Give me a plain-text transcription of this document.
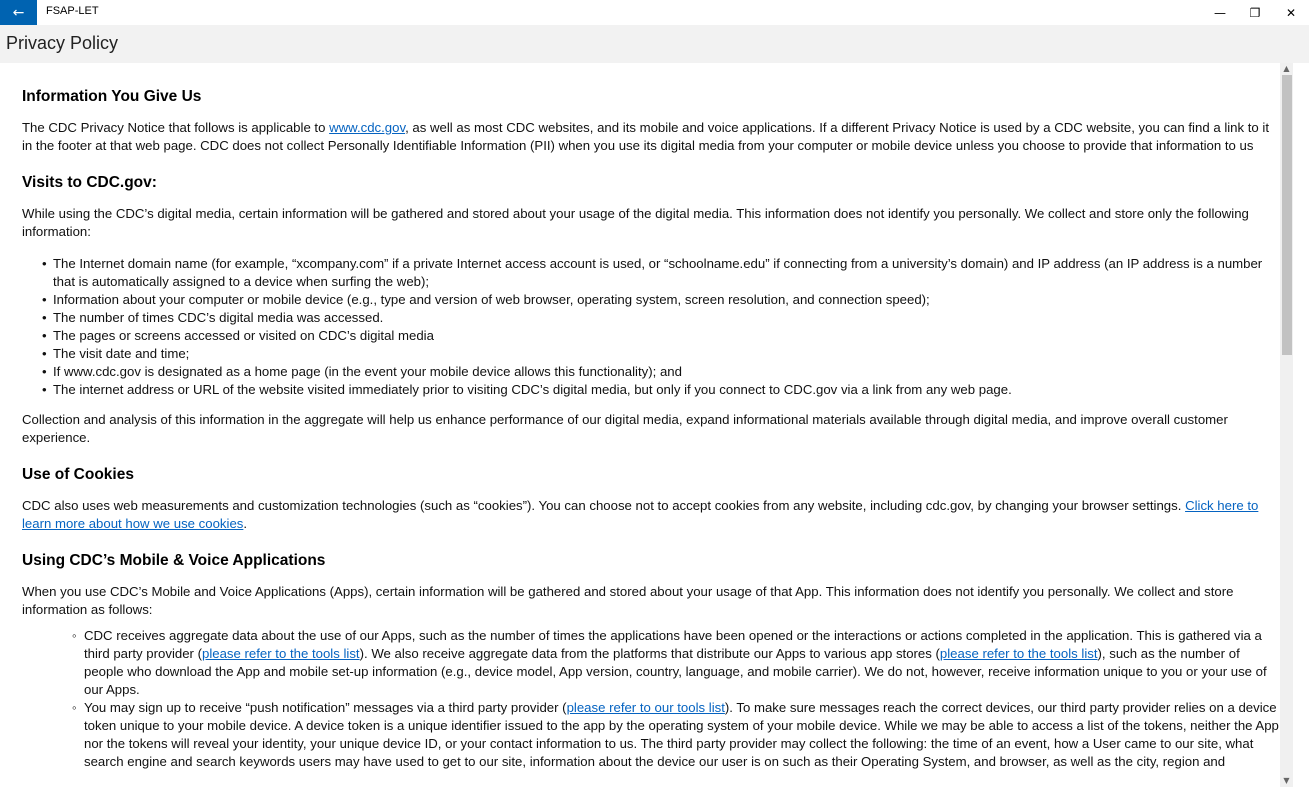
← FSAP-LET	— ❐ ✕
Privacy Policy
Information You Give Us

The CDC Privacy Notice that follows is applicable to www.cdc.gov, as well as most CDC websites, and its mobile and voice applications. If a different Privacy Notice is used by a CDC website, you can find a link to it in the footer at that web page. CDC does not collect Personally Identifiable Information (PII) when you use its digital media from your computer or mobile device unless you choose to provide that information to us

Visits to CDC.gov:

While using the CDC’s digital media, certain information will be gathered and stored about your usage of the digital media. This information does not identify you personally. We collect and store only the following information:

• The Internet domain name (for example, “xcompany.com” if a private Internet access account is used, or “schoolname.edu” if connecting from a university’s domain) and IP address (an IP address is a number that is automatically assigned to a device when surfing the web);
• Information about your computer or mobile device (e.g., type and version of web browser, operating system, screen resolution, and connection speed);
• The number of times CDC’s digital media was accessed.
• The pages or screens accessed or visited on CDC’s digital media
• The visit date and time;
• If www.cdc.gov is designated as a home page (in the event your mobile device allows this functionality); and
• The internet address or URL of the website visited immediately prior to visiting CDC’s digital media, but only if you connect to CDC.gov via a link from any web page.

Collection and analysis of this information in the aggregate will help us enhance performance of our digital media, expand informational materials available through digital media, and improve overall customer experience.

Use of Cookies

CDC also uses web measurements and customization technologies (such as “cookies”). You can choose not to accept cookies from any website, including cdc.gov, by changing your browser settings. Click here to learn more about how we use cookies.

Using CDC’s Mobile & Voice Applications

When you use CDC’s Mobile and Voice Applications (Apps), certain information will be gathered and stored about your usage of that App. This information does not identify you personally. We collect and store information as follows:

◦ CDC receives aggregate data about the use of our Apps, such as the number of times the applications have been opened or the interactions or actions completed in the application. This is gathered via a third party provider (please refer to the tools list). We also receive aggregate data from the platforms that distribute our Apps to various app stores (please refer to the tools list), such as the number of people who download the App and mobile set-up information (e.g., device model, App version, country, language, and mobile carrier). We do not, however, receive information unique to you or your use of our Apps.
◦ You may sign up to receive “push notification” messages via a third party provider (please refer to our tools list). To make sure messages reach the correct devices, our third party provider relies on a device token unique to your mobile device. A device token is a unique identifier issued to the app by the operating system of your mobile device. While we may be able to access a list of the tokens, neither the App nor the tokens will reveal your identity, your unique device ID, or your contact information to us. The third party provider may collect the following: the time of an event, how a User came to our site, what search engine and search keywords users may have used to get to our site, information about the device our user is on such as their Operating System, and browser, as well as the city, region and
▲
▼
